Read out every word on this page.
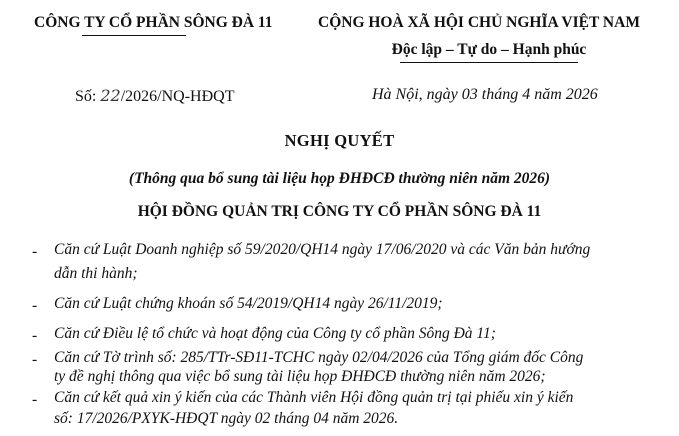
CÔNG TY CỔ PHẦN SÔNG ĐÀ 11	CỘNG HOÀ XÃ HỘI CHỦ NGHĨA VIỆT NAM
Độc lập – Tự do – Hạnh phúc
Số: 22/2026/NQ-HĐQT	Hà Nội, ngày 03 tháng 4 năm 2026
NGHỊ QUYẾT
(Thông qua bổ sung tài liệu họp ĐHĐCĐ thường niên năm 2026)
HỘI ĐỒNG QUẢN TRỊ CÔNG TY CỔ PHẦN SÔNG ĐÀ 11
- Căn cứ Luật Doanh nghiệp số 59/2020/QH14 ngày 17/06/2020 và các Văn bản hướng
dẫn thi hành;
- Căn cứ Luật chứng khoán số 54/2019/QH14 ngày 26/11/2019;
- Căn cứ Điều lệ tổ chức và hoạt động của Công ty cổ phần Sông Đà 11;
- Căn cứ Tờ trình số: 285/TTr-SĐ11-TCHC ngày 02/04/2026 của Tổng giám đốc Công
ty đề nghị thông qua việc bổ sung tài liệu họp ĐHĐCĐ thường niên năm 2026;
- Căn cứ kết quả xin ý kiến của các Thành viên Hội đồng quản trị tại phiếu xin ý kiến
số: 17/2026/PXYK-HĐQT ngày 02 tháng 04 năm 2026.
